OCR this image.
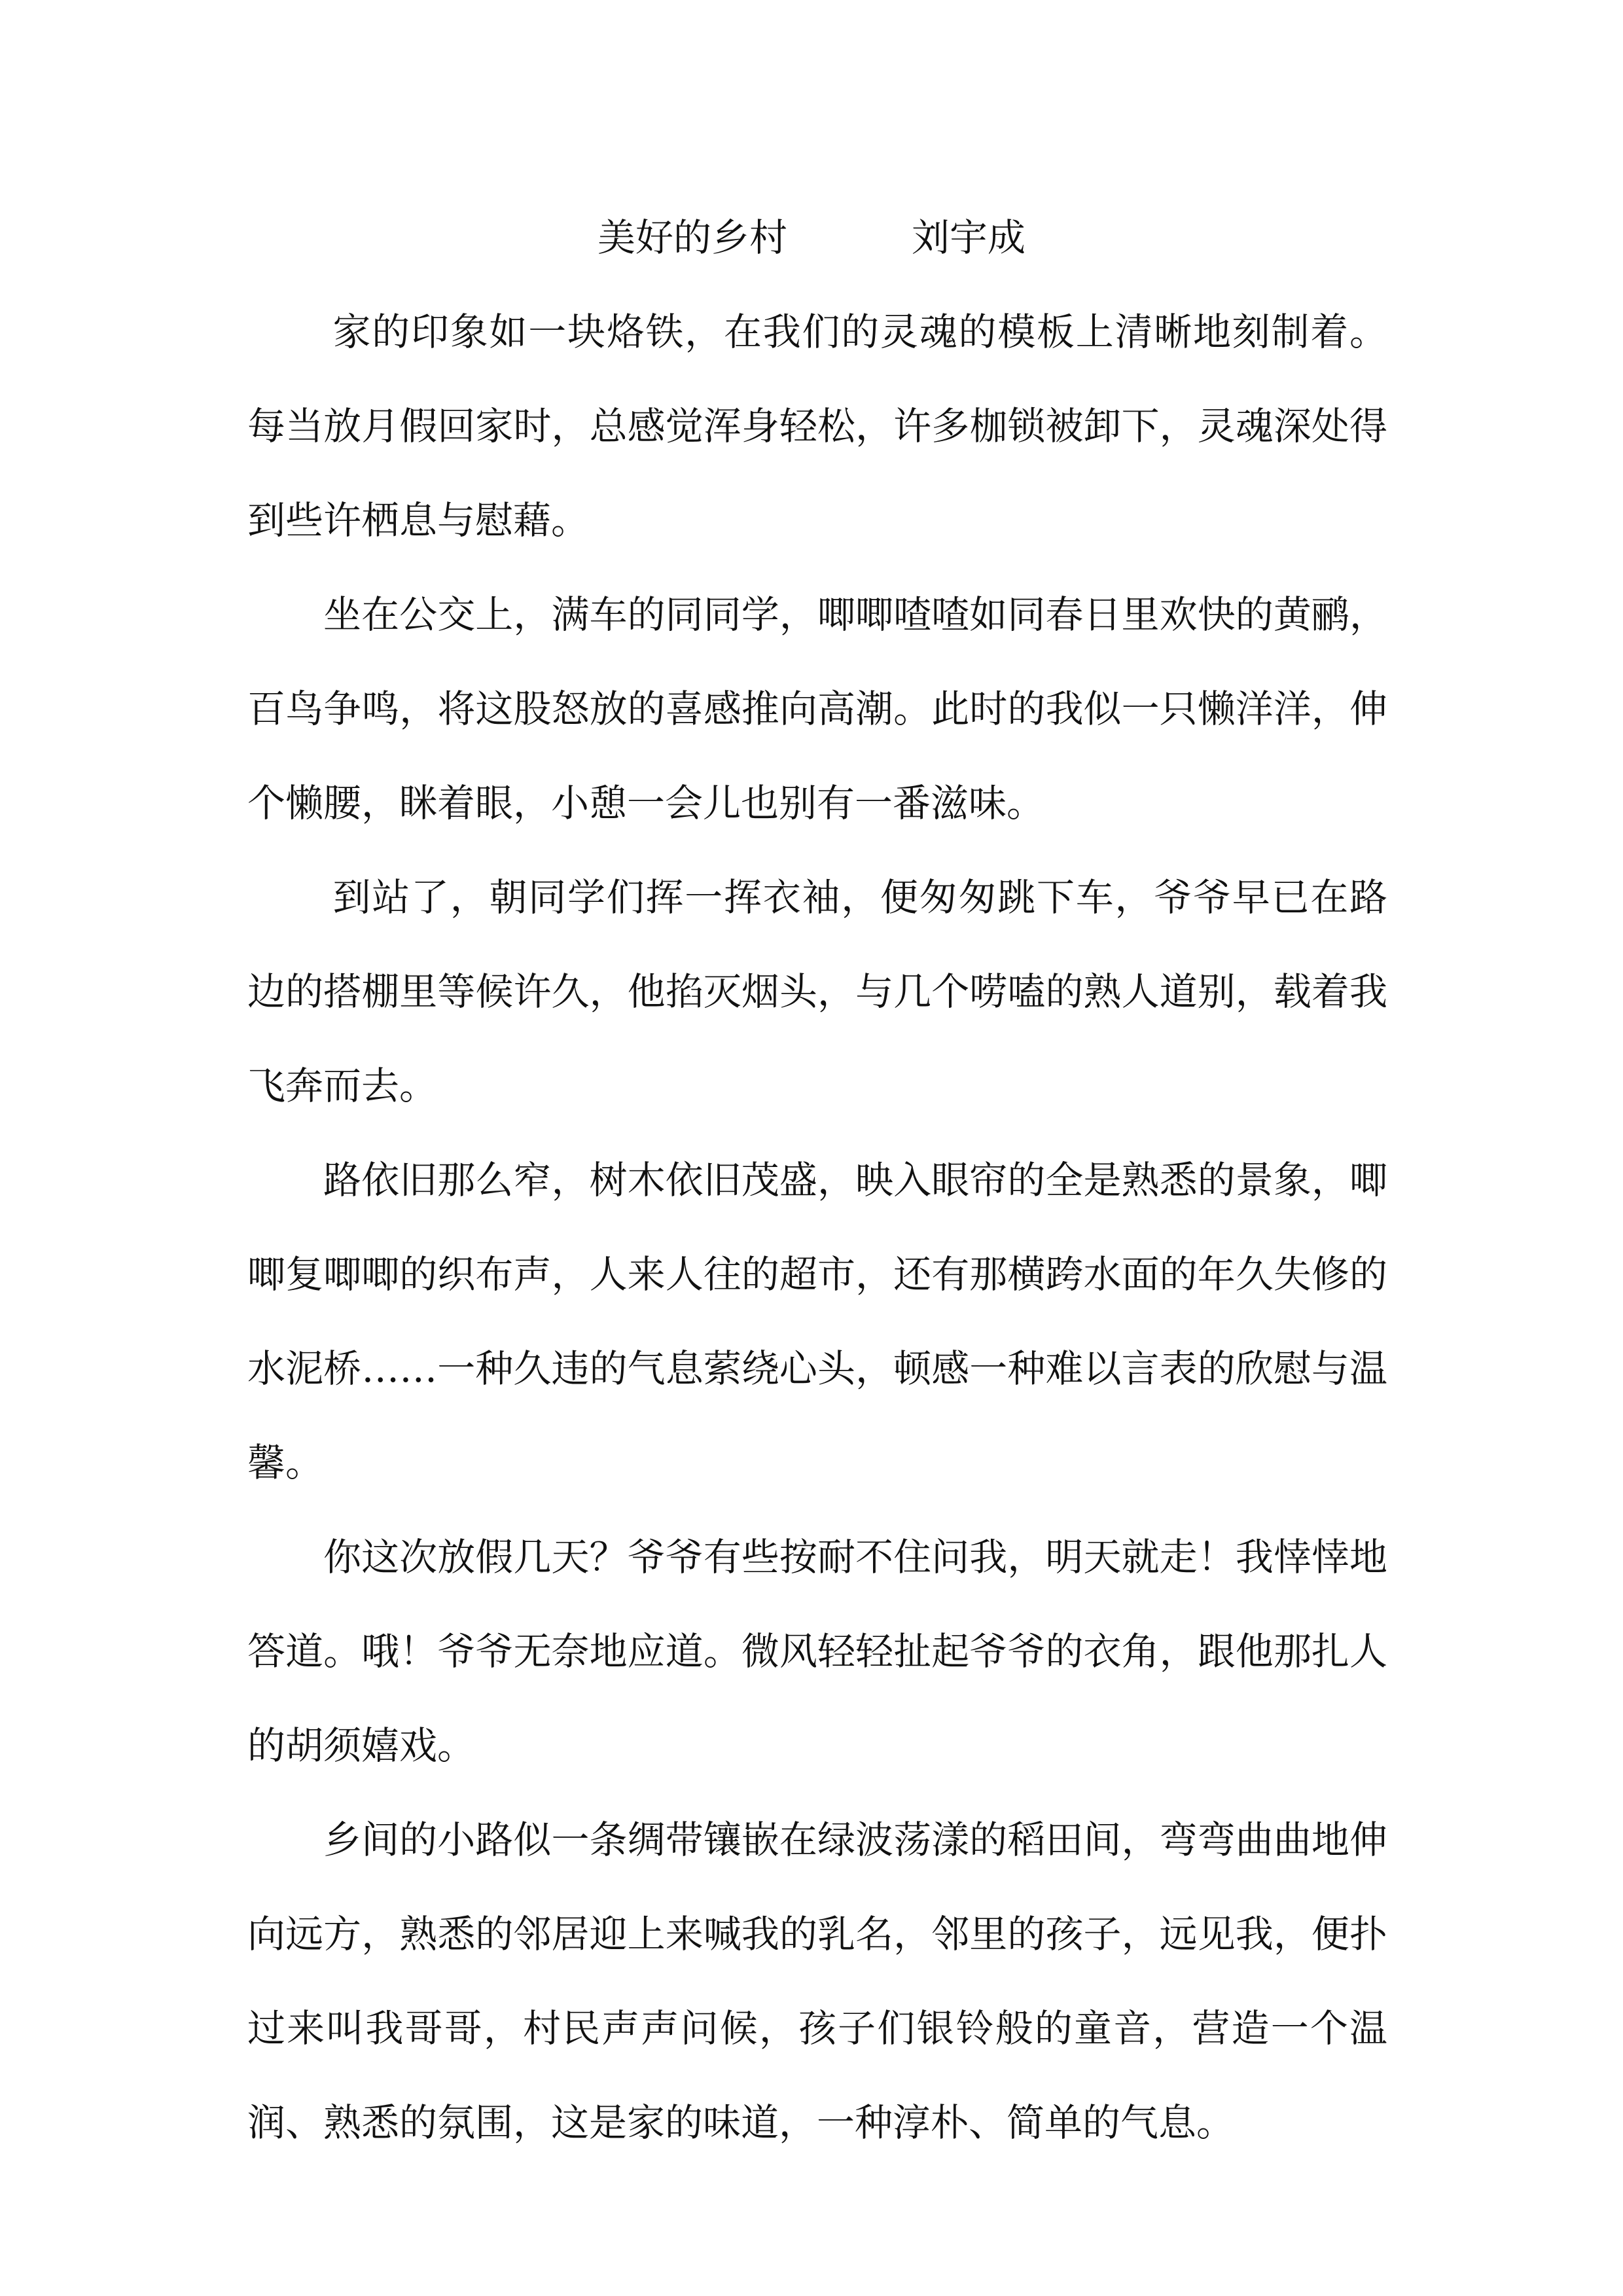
美好的乡村	刘宇成

家的印象如一块烙铁，在我们的灵魂的模板上清晰地刻制着。每当放月假回家时，总感觉浑身轻松，许多枷锁被卸下，灵魂深处得到些许栖息与慰藉。

坐在公交上，满车的同同学，唧唧喳喳如同春日里欢快的黄鹂，百鸟争鸣，将这股怒放的喜感推向高潮。此时的我似一只懒洋洋，伸个懒腰，眯着眼，小憩一会儿也别有一番滋味。

到站了，朝同学们挥一挥衣袖，便匆匆跳下车，爷爷早已在路边的搭棚里等候许久，他掐灭烟头，与几个唠嗑的熟人道别，载着我飞奔而去。

路依旧那么窄，树木依旧茂盛，映入眼帘的全是熟悉的景象，唧唧复唧唧的织布声，人来人往的超市，还有那横跨水面的年久失修的水泥桥……一种久违的气息萦绕心头，顿感一种难以言表的欣慰与温馨。

你这次放假几天？爷爷有些按耐不住问我，明天就走！我悻悻地答道。哦！爷爷无奈地应道。微风轻轻扯起爷爷的衣角，跟他那扎人的胡须嬉戏。

乡间的小路似一条绸带镶嵌在绿波荡漾的稻田间，弯弯曲曲地伸向远方，熟悉的邻居迎上来喊我的乳名，邻里的孩子，远见我，便扑过来叫我哥哥，村民声声问候，孩子们银铃般的童音，营造一个温润、熟悉的氛围，这是家的味道，一种淳朴、简单的气息。
